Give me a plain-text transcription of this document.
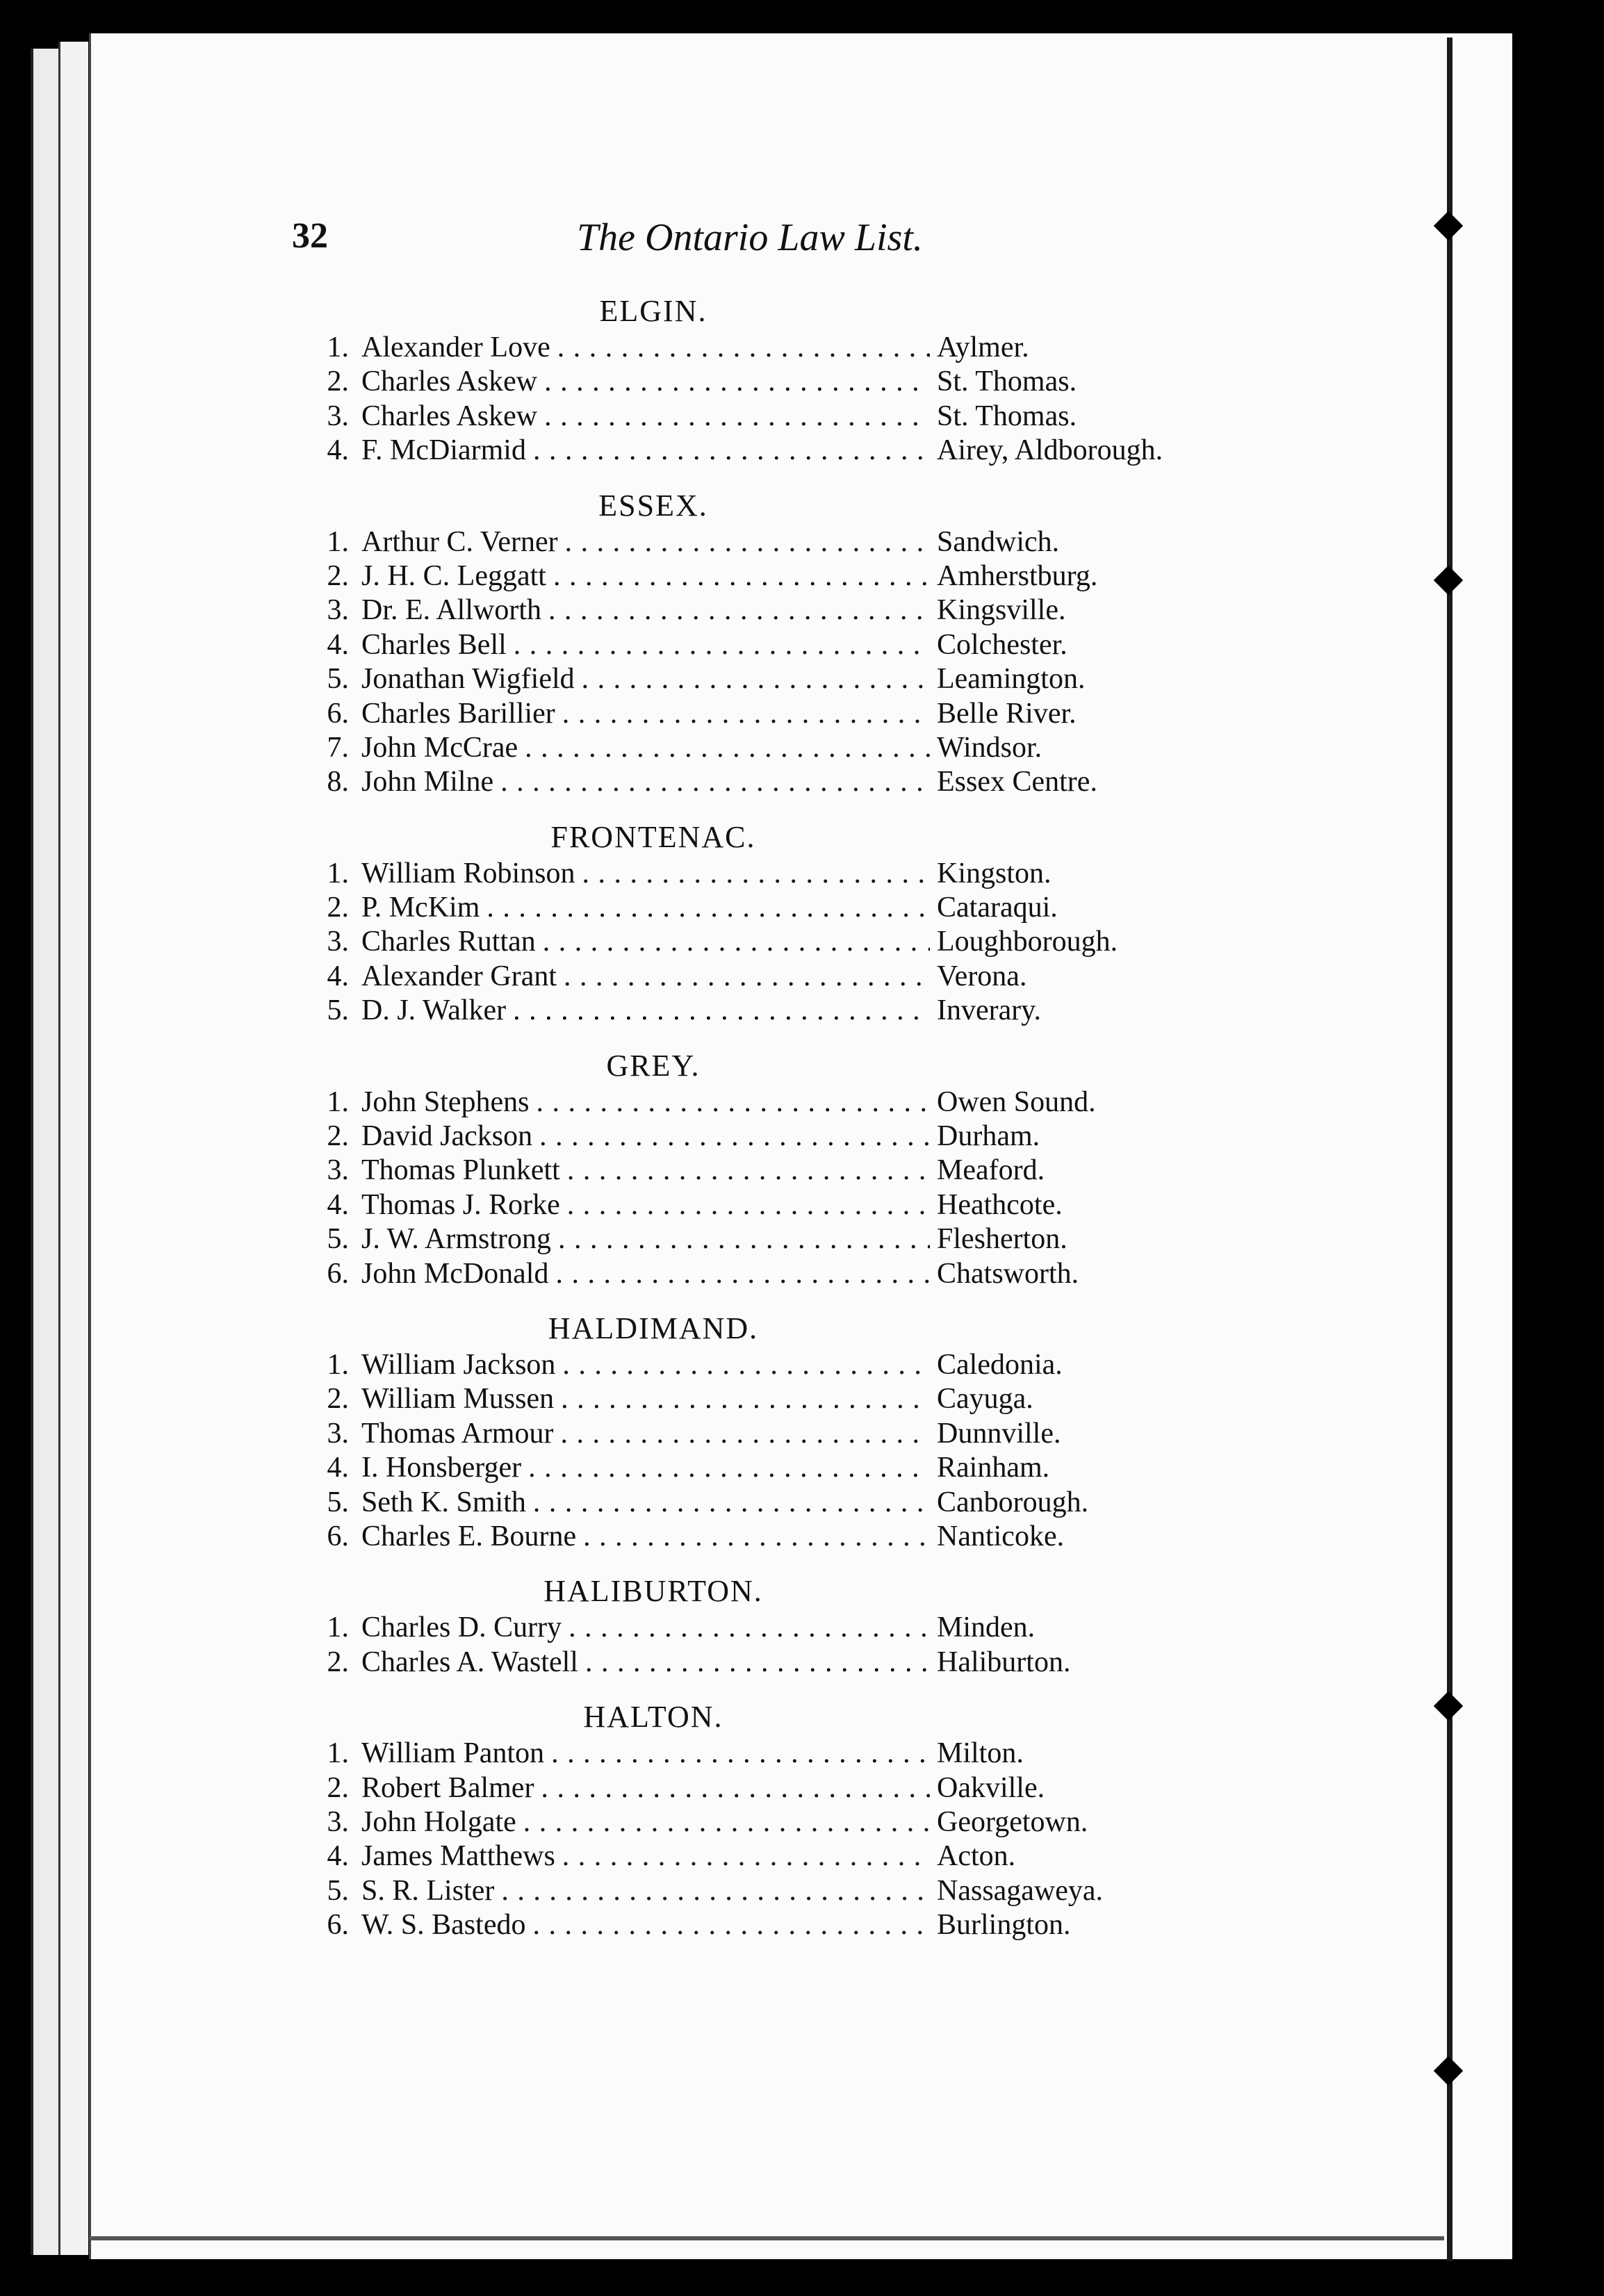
32	The Ontario Law List.
ELGIN.
1. Alexander Love . . .	Aylmer.
2. Charles Askew . . .	St. Thomas.
3. Charles Askew . . .	St. Thomas.
4. F. McDiarmid . . .	Airey, Aldborough.
ESSEX.
1. Arthur C. Verner . . .	Sandwich.
2. J. H. C. Leggatt . . .	Amherstburg.
3. Dr. E. Allworth . . .	Kingsville.
4. Charles Bell . . .	Colchester.
5. Jonathan Wigfield . . .	Leamington.
6. Charles Barillier . . .	Belle River.
7. John McCrae . . .	Windsor.
8. John Milne . . .	Essex Centre.
FRONTENAC.
1. William Robinson . . .	Kingston.
2. P. McKim . . .	Cataraqui.
3. Charles Ruttan . . .	Loughborough.
4. Alexander Grant . . .	Verona.
5. D. J. Walker . . .	Inverary.
GREY.
1. John Stephens . . .	Owen Sound.
2. David Jackson . . .	Durham.
3. Thomas Plunkett . . .	Meaford.
4. Thomas J. Rorke . . .	Heathcote.
5. J. W. Armstrong . . .	Flesherton.
6. John McDonald . . .	Chatsworth.
HALDIMAND.
1. William Jackson . . .	Caledonia.
2. William Mussen . . .	Cayuga.
3. Thomas Armour . . .	Dunnville.
4. I. Honsberger . . .	Rainham.
5. Seth K. Smith . . .	Canborough.
6. Charles E. Bourne . . .	Nanticoke.
HALIBURTON.
1. Charles D. Curry . . .	Minden.
2. Charles A. Wastell . . .	Haliburton.
HALTON.
1. William Panton . . .	Milton.
2. Robert Balmer . . .	Oakville.
3. John Holgate . . .	Georgetown.
4. James Matthews . . .	Acton.
5. S. R. Lister . . .	Nassagaweya.
6. W. S. Bastedo . . .	Burlington.
